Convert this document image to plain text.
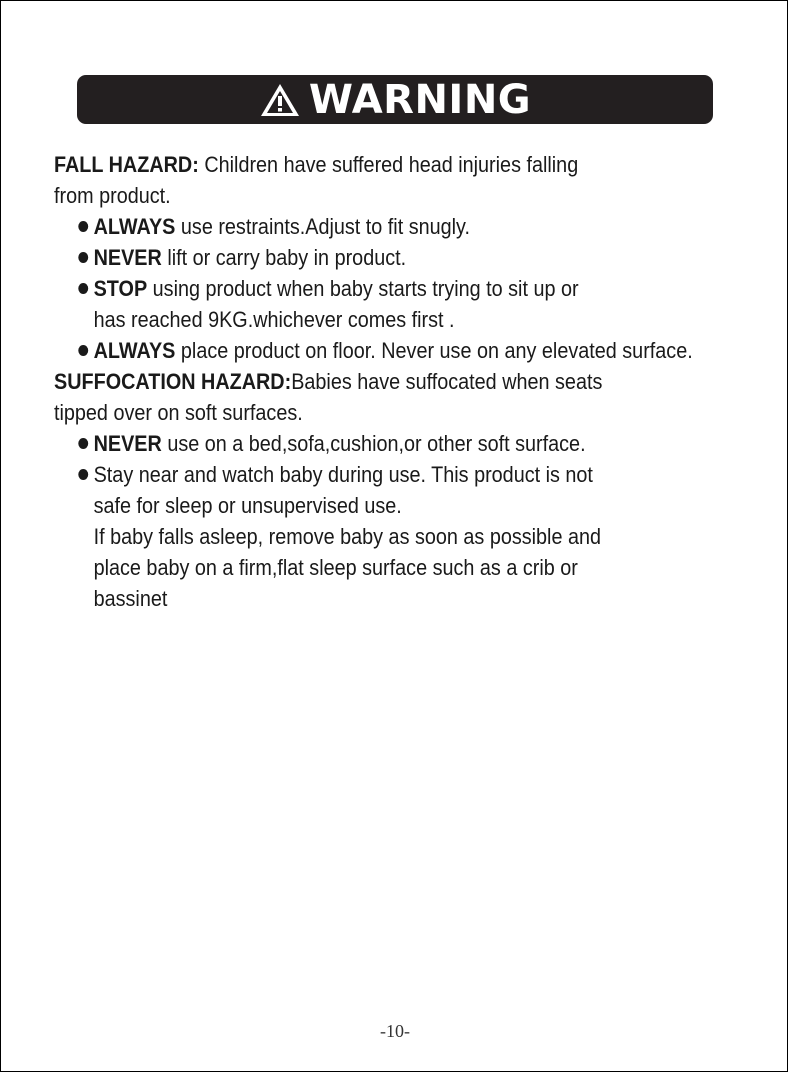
WARNING
FALL HAZARD: Children have suffered head injuries falling
from product.
ALWAYS use restraints.Adjust to fit snugly.
NEVER lift or carry baby in product.
STOP using product when baby starts trying to sit up or
has reached 9KG.whichever comes first .
ALWAYS place product on floor. Never use on any elevated surface.
SUFFOCATION HAZARD:Babies have suffocated when seats
tipped over on soft surfaces.
NEVER use on a bed,sofa,cushion,or other soft surface.
Stay near and watch baby during use. This product is not
safe for sleep or unsupervised use.
If baby falls asleep, remove baby as soon as possible and
place baby on a firm,flat sleep surface such as a crib or
bassinet
-10-
